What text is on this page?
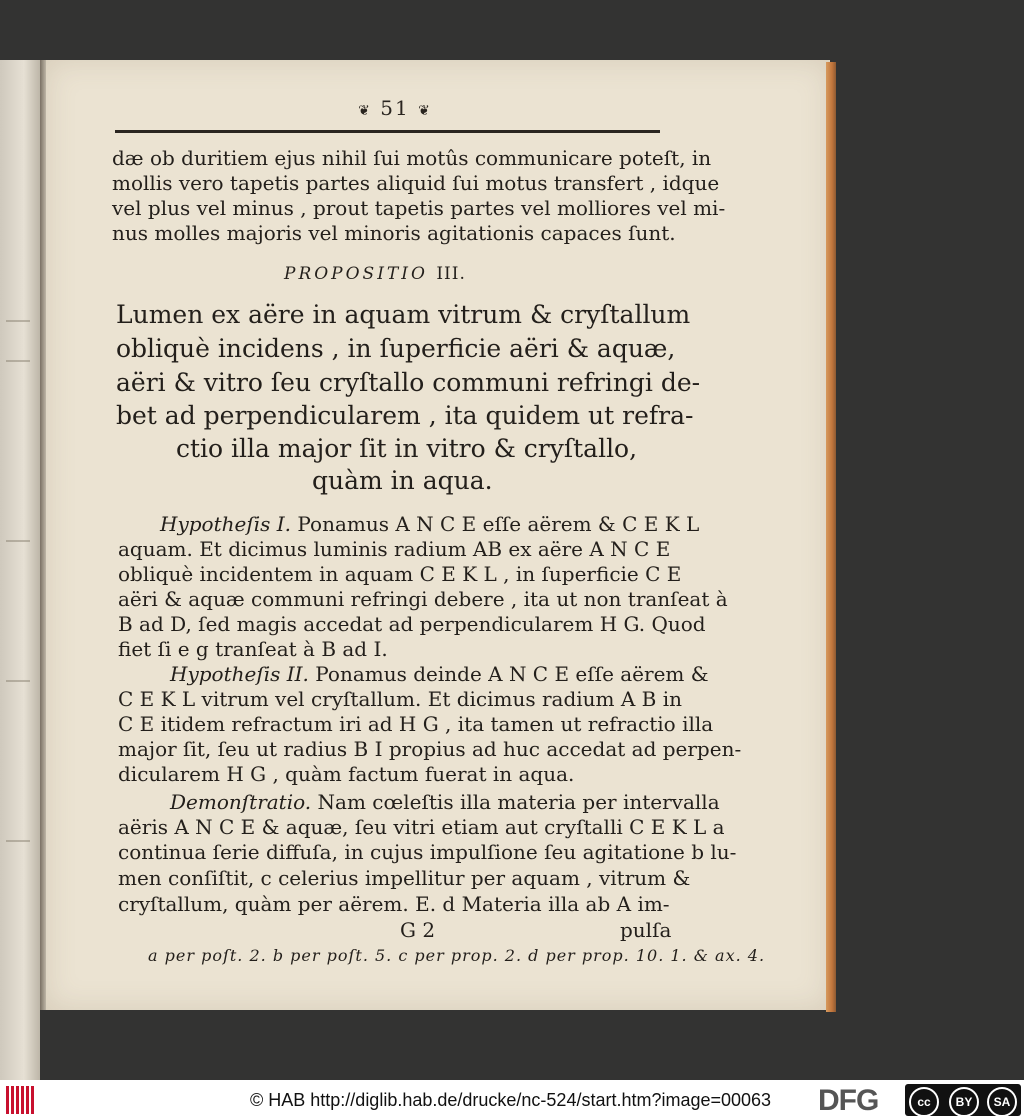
❦ 51 ❦
dæ ob duritiem ejus nihil ſui motûs communicare poteſt, in
mollis vero tapetis partes aliquid ſui motus transfert , idque
vel plus vel minus , prout tapetis partes vel molliores vel mi-
nus molles majoris vel minoris agitationis capaces ſunt.
PROPOSITIO III.
Lumen ex aëre in aquam vitrum & cryſtallum
obliquè incidens , in ſuperficie aëri & aquæ,
aëri & vitro ſeu cryſtallo communi refringi de-
bet ad perpendicularem , ita quidem ut refra-
ctio illa major ſit in vitro & cryſtallo,
quàm in aqua.
Hypotheſis I. Ponamus A N C E eſſe aërem & C E K L
aquam. Et dicimus luminis radium AB ex aëre A N C E
obliquè incidentem in aquam C E K L , in ſuperficie C E
aëri & aquæ communi refringi debere , ita ut non tranſeat à
B ad D, ſed magis accedat ad perpendicularem H G. Quod
fiet ſi e g tranſeat à B ad I.
Hypotheſis II. Ponamus deinde A N C E eſſe aërem &
C E K L vitrum vel cryſtallum. Et dicimus radium A B in
C E itidem refractum iri ad H G , ita tamen ut refractio illa
major ſit, ſeu ut radius B I propius ad huc accedat ad perpen-
dicularem H G , quàm factum fuerat in aqua.
Demonſtratio. Nam cœleſtis illa materia per intervalla
aëris A N C E & aquæ, ſeu vitri etiam aut cryſtalli C E K L a
continua ſerie diffuſa, in cujus impulſione ſeu agitatione b lu-
men conſiſtit, c celerius impellitur per aquam , vitrum &
cryſtallum, quàm per aërem. E. d Materia illa ab A im-
G 2	pulſa
a per poſt. 2. b per poſt. 5. c per prop. 2. d per prop. 10. 1. & ax. 4.
© HAB http://diglib.hab.de/drucke/nc-524/start.htm?image=00063 DFG	cc	BY	SA
